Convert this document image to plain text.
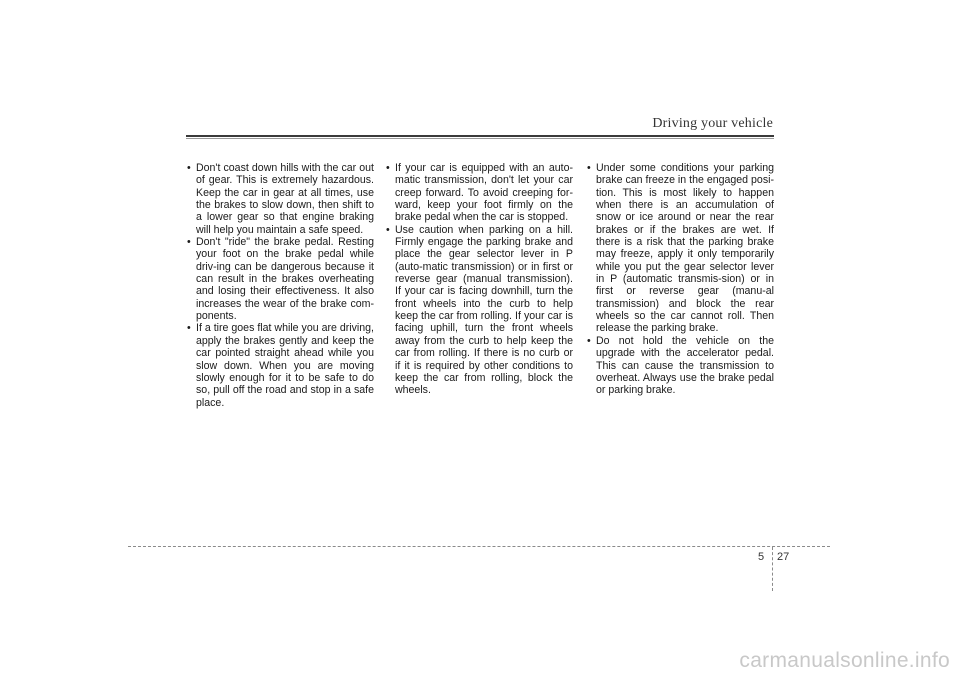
Driving your vehicle
• Don't coast down hills with the car out of gear. This is extremely hazardous. Keep the car in gear at all times, use the brakes to slow down, then shift to a lower gear so that engine braking will help you maintain a safe speed.
• Don't "ride" the brake pedal. Resting your foot on the brake pedal while driv-ing can be dangerous because it can result in the brakes overheating and losing their effectiveness. It also increases the wear of the brake com-ponents.
• If a tire goes flat while you are driving, apply the brakes gently and keep the car pointed straight ahead while you slow down. When you are moving slowly enough for it to be safe to do so, pull off the road and stop in a safe place.
• If your car is equipped with an auto-matic transmission, don't let your car creep forward. To avoid creeping for-ward, keep your foot firmly on the brake pedal when the car is stopped.
• Use caution when parking on a hill. Firmly engage the parking brake and place the gear selector lever in P (auto-matic transmission) or in first or reverse gear (manual transmission). If your car is facing downhill, turn the front wheels into the curb to help keep the car from rolling. If your car is facing uphill, turn the front wheels away from the curb to help keep the car from rolling. If there is no curb or if it is required by other conditions to keep the car from rolling, block the wheels.
• Under some conditions your parking brake can freeze in the engaged posi-tion. This is most likely to happen when there is an accumulation of snow or ice around or near the rear brakes or if the brakes are wet. If there is a risk that the parking brake may freeze, apply it only temporarily while you put the gear selector lever in P (automatic transmis-sion) or in first or reverse gear (manu-al transmission) and block the rear wheels so the car cannot roll. Then release the parking brake.
• Do not hold the vehicle on the upgrade with the accelerator pedal. This can cause the transmission to overheat. Always use the brake pedal or parking brake.
5 27
carmanualsonline.info
